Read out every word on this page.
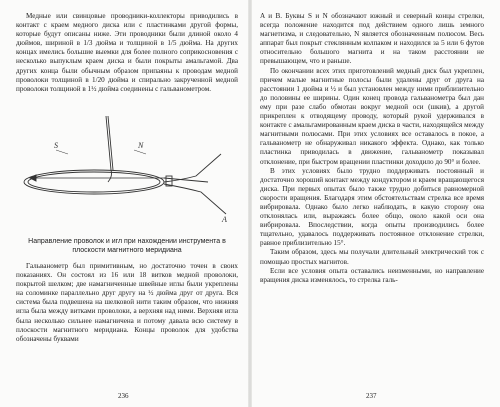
Медные или свинцовые проводники-коллекторы приводились в контакт с краем медного диска или с пластинками другой формы, которые будут описаны ниже. Эти проводники были длиной около 4 дюймов, шириной в 1/3 дюйма и толщиной в 1/5 дюйма. На других концах имелись большие выемки для более полного соприкосновения с несколько выпуклым краем диска и были покрыты амальгамой. Два других конца были обычным образом припаяны к проводам медной проволоки толщиной в 1/20 дюйма и спирально закрученной медной проволоки толщиной в 1½ дюйма соединены с гальванометром.

S	N
A
Направление проволок и игл при нахождении инструмента в плоскости магнитного меридиана

Гальванометр был примитивным, но достаточно точен в своих показаниях. Он состоял из 16 или 18 витков медной проволоки, покрытой шелком; две намагниченные швейные иглы были укреплены на соломинке параллельно друг другу на ½ дюйма друг от друга. Вся система была подвешена на шелковой нити таким образом, что нижняя игла была между витками проволоки, а верхняя над ними. Верхняя игла была несколько сильнее намагничена и потому давала всю систему в плоскости магнитного меридиана. Концы проволок для удобства обозначены буквами

236

A и B. Буквы S и N обозначают южный и северный концы стрелки, всегда положение находится под действием одного лишь земного магнетизма, и следовательно, N является обозначенным полюсом. Весь аппарат был покрыт стеклянным колпаком и находился за 5 или 6 футов относительно большого магнита и на таком расстоянии не превышающем, что и раньше.

По окончании всех этих приготовлений медный диск был укреплен, причем малые магнитные полосы были удалены друг от друга на расстоянии 1 дюйма и ½ и был установлен между ними приблизительно до половины ее ширины. Один конец провода гальванометра был дан ему при разе слабо обмотан вокруг медной оси (шкив), а другой прикреплен к отводящему проводу, который рукой удерживался в контакте с амальгамированным краем диска в части, находящейся между магнитными полюсами. При этих условиях все оставалось в покое, а гальванометр не обнаруживал никакого эффекта. Однако, как только пластинка приводилась в движение, гальванометр показывал отклонение, при быстром вращении пластинки доходило до 90° и более.

В этих условиях было трудно поддерживать постоянный и достаточно хороший контакт между кондуктором и краем вращающегося диска. При первых опытах было также трудно добиться равномерной скорости вращения. Благодаря этим обстоятельствам стрелка все время вибрировала. Однако было легко наблюдать, в какую сторону она отклонялась или, выражаясь более общо, около какой оси она вибрировала. Впоследствии, когда опыты производились более тщательно, удавалось поддерживать постоянное отклонение стрелки, равное приблизительно 15°.

Таким образом, здесь мы получали длительный электрический ток с помощью простых магнитов.

Если все условия опыта оставались неизменными, но направление вращения диска изменялось, то стрелка галь-

237
